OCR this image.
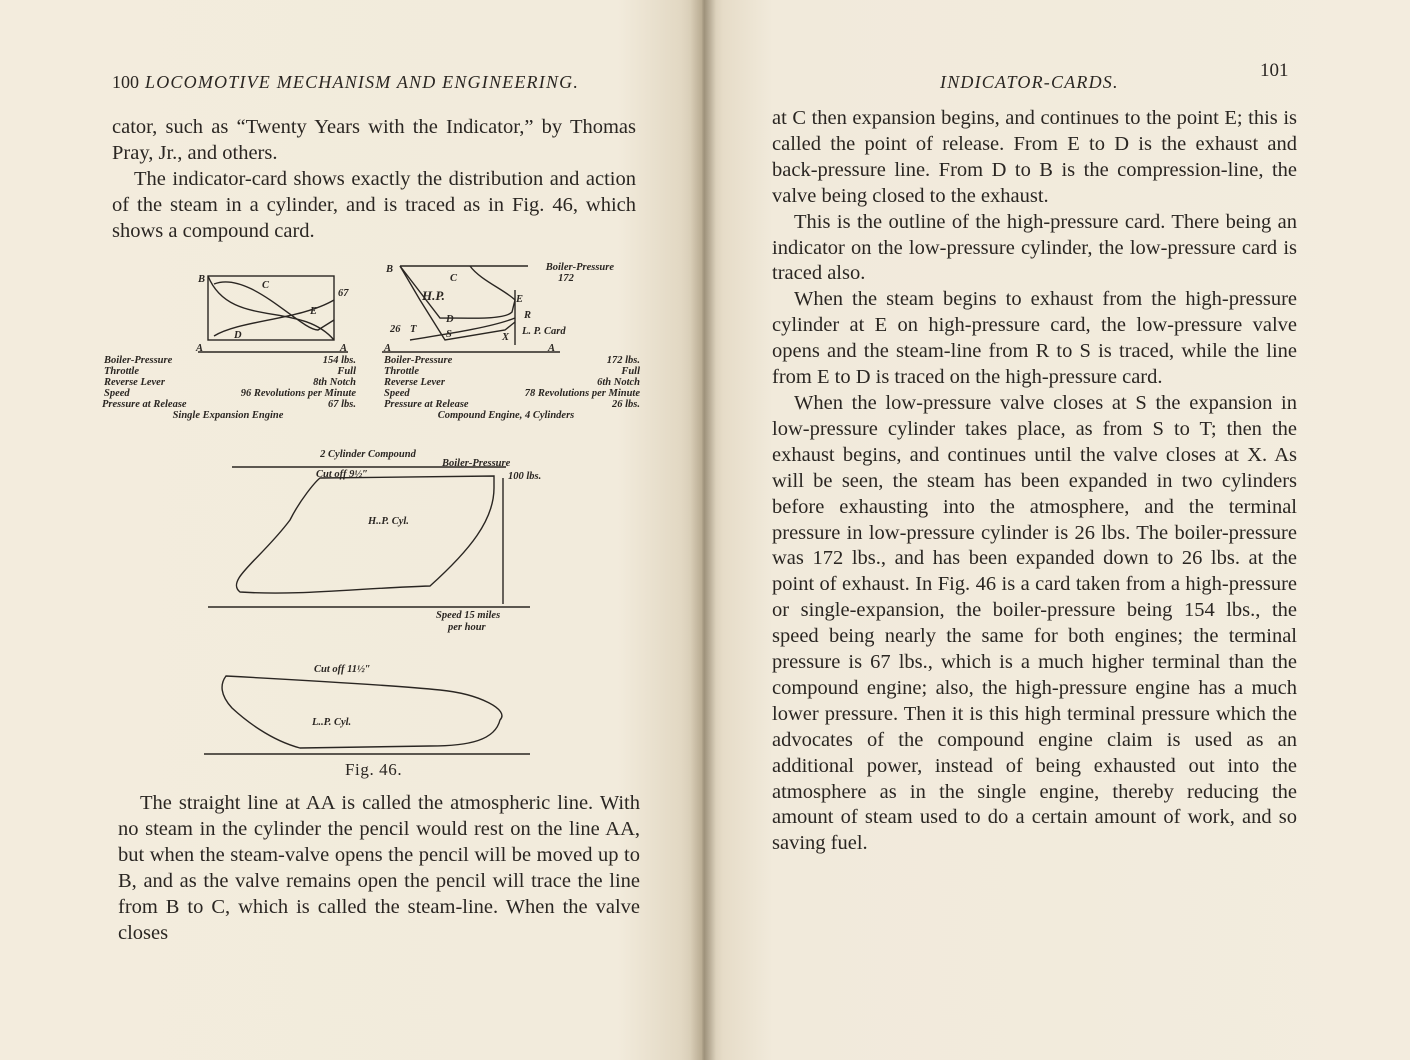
100 LOCOMOTIVE MECHANISM AND ENGINEERING.

cator, such as “Twenty Years with the Indicator,” by Thomas Pray, Jr., and others.

The indicator-card shows exactly the distribution and action of the steam in a cylinder, and is traced as in Fig. 46, which shows a compound card.

B
C
67
E
D
A	A
Boiler-Pressure	154 lbs.
Throttle	Full
Reverse Lever	8th Notch
Speed	96 Revolutions per Minute
Pressure at Release	67 lbs.
Single Expansion Engine
B	Boiler-Pressure
172
C
H.P.	E
D	R
26 T	S	X
L. P. Card
A	A
Boiler-Pressure	172 lbs.
Throttle	Full
Reverse Lever	6th Notch
Speed	78 Revolutions per Minute
Pressure at Release	26 lbs.
Compound Engine, 4 Cylinders
2 Cylinder Compound
Boiler-Pressure
Cut off 9½″	100 lbs.
H..P. Cyl.
Speed 15 miles
per hour
Cut off 11½″
L..P. Cyl.
Fig. 46.

The straight line at AA is called the atmospheric line. With no steam in the cylinder the pencil would rest on the line AA, but when the steam-valve opens the pencil will be moved up to B, and as the valve remains open the pencil will trace the line from B to C, which is called the steam-line. When the valve closes

INDICATOR-CARDS.
101

at C then expansion begins, and continues to the point E; this is called the point of release. From E to D is the exhaust and back-pressure line. From D to B is the compression-line, the valve being closed to the exhaust.

This is the outline of the high-pressure card. There being an indicator on the low-pressure cylinder, the low-pressure card is traced also.

When the steam begins to exhaust from the high-pressure cylinder at E on high-pressure card, the low-pressure valve opens and the steam-line from R to S is traced, while the line from E to D is traced on the high-pressure card.

When the low-pressure valve closes at S the expansion in low-pressure cylinder takes place, as from S to T; then the exhaust begins, and continues until the valve closes at X. As will be seen, the steam has been expanded in two cylinders before exhausting into the atmosphere, and the terminal pressure in low-pressure cylinder is 26 lbs. The boiler-pressure was 172 lbs., and has been expanded down to 26 lbs. at the point of exhaust. In Fig. 46 is a card taken from a high-pressure or single-expansion, the boiler-pressure being 154 lbs., the speed being nearly the same for both engines; the terminal pressure is 67 lbs., which is a much higher terminal than the compound engine; also, the high-pressure engine has a much lower pressure. Then it is this high terminal pressure which the advocates of the compound engine claim is used as an additional power, instead of being exhausted out into the atmosphere as in the single engine, thereby reducing the amount of steam used to do a certain amount of work, and so saving fuel.
